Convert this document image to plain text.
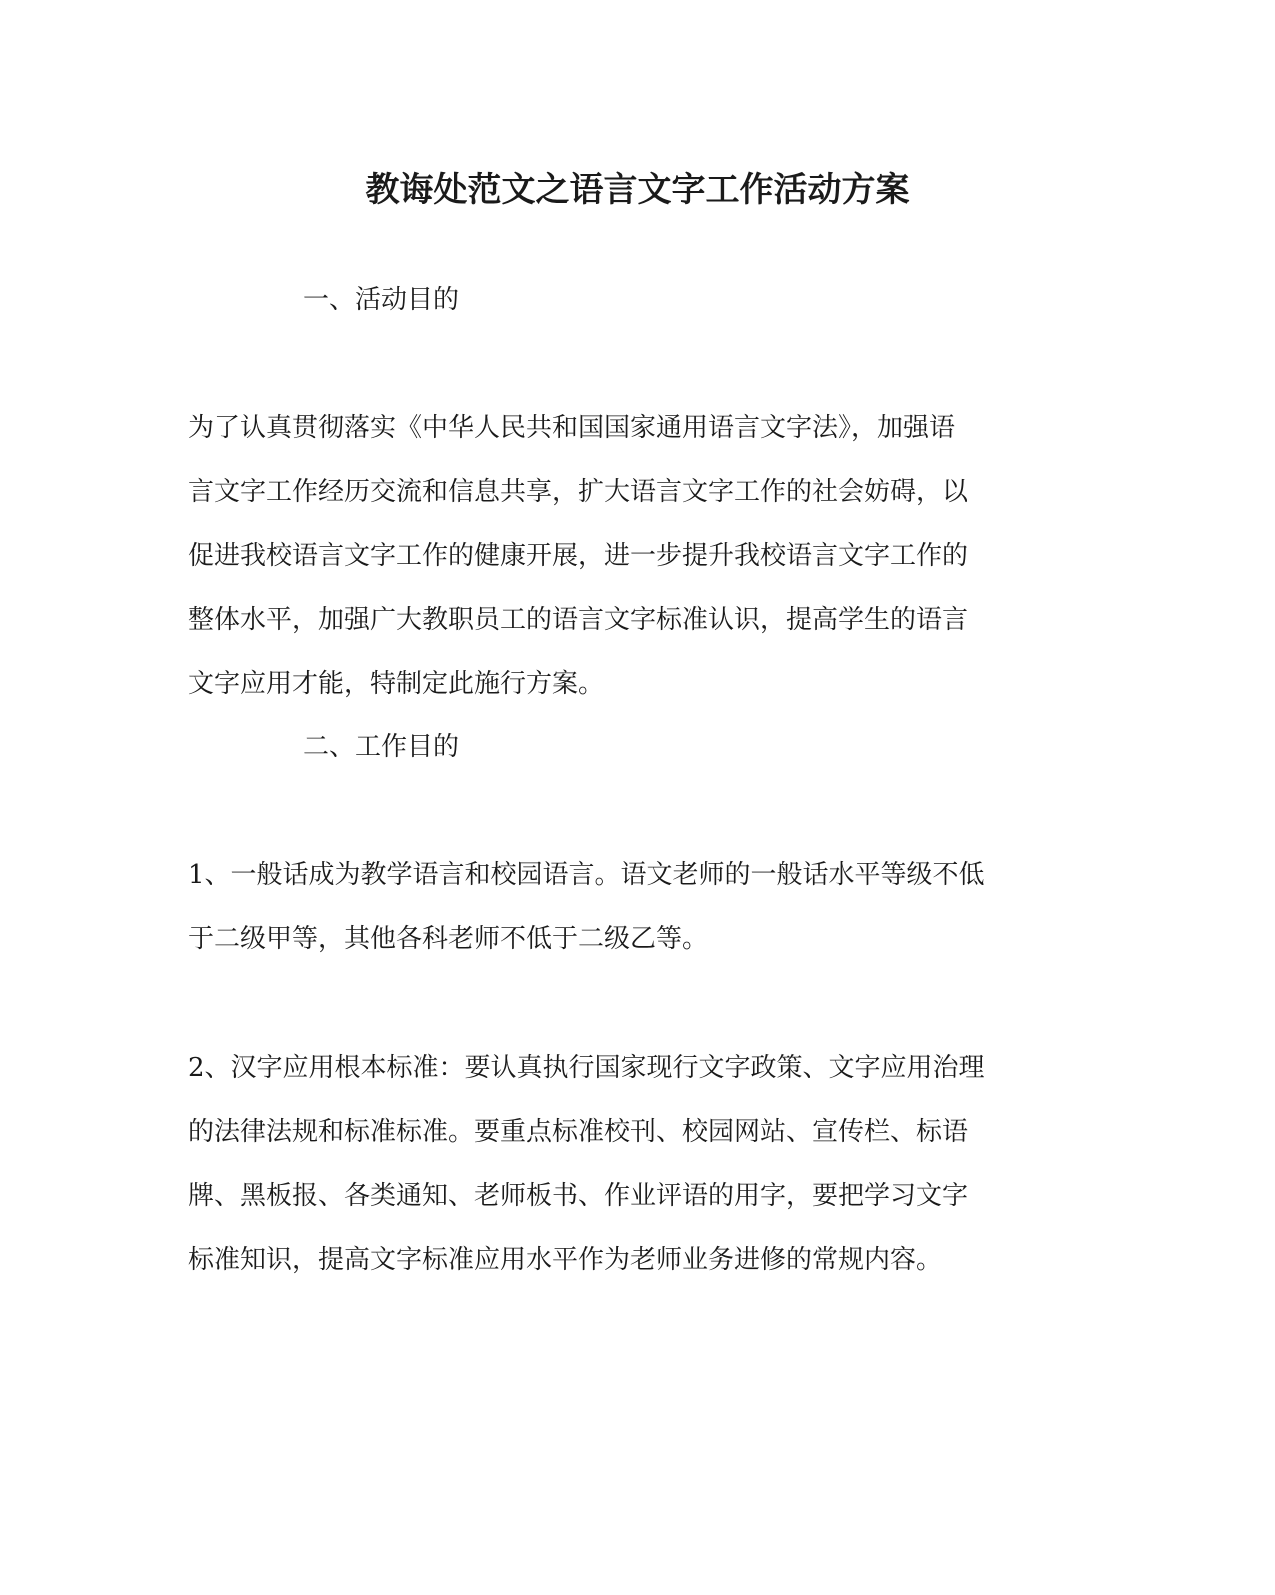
教诲处范文之语言文字工作活动方案

一、活动目的

为了认真贯彻落实《中华人民共和国国家通用语言文字法》，加强语
言文字工作经历交流和信息共享，扩大语言文字工作的社会妨碍，以
促进我校语言文字工作的健康开展，进一步提升我校语言文字工作的
整体水平，加强广大教职员工的语言文字标准认识，提高学生的语言
文字应用才能，特制定此施行方案。

二、工作目的

1、一般话成为教学语言和校园语言。语文老师的一般话水平等级不低
于二级甲等，其他各科老师不低于二级乙等。
2、汉字应用根本标准：要认真执行国家现行文字政策、文字应用治理
的法律法规和标准标准。要重点标准校刊、校园网站、宣传栏、标语
牌、黑板报、各类通知、老师板书、作业评语的用字，要把学习文字
标准知识，提高文字标准应用水平作为老师业务进修的常规内容。
